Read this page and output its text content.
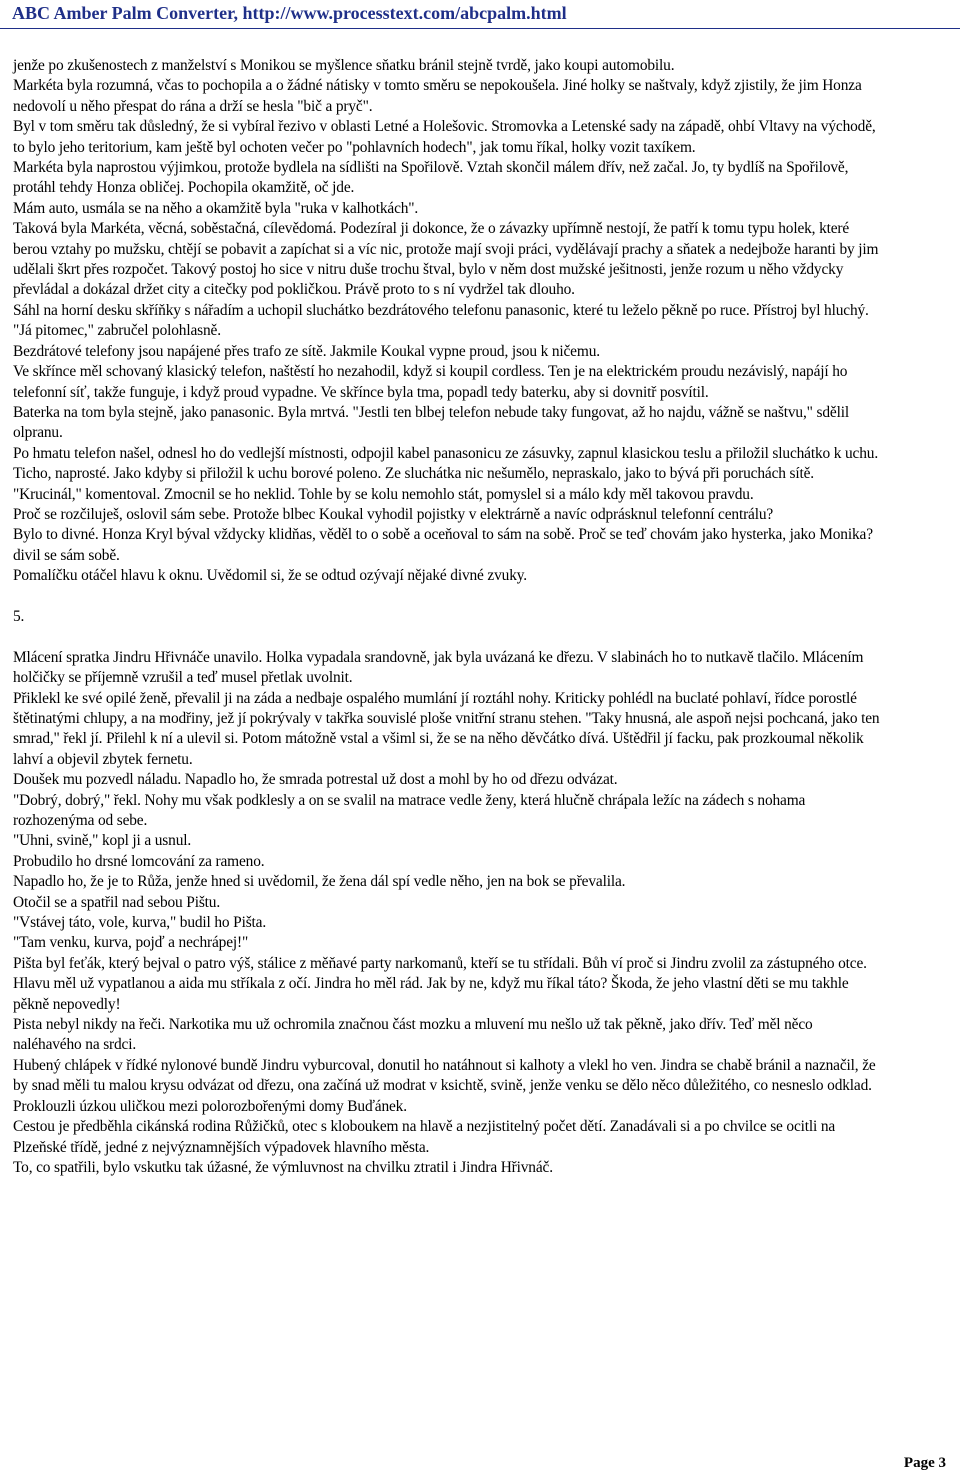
ABC Amber Palm Converter, http://www.processtext.com/abcpalm.html

jenže po zkušenostech z manželství s Monikou se myšlence sňatku bránil stejně tvrdě, jako koupi automobilu.

Markéta byla rozumná, včas to pochopila a o žádné nátisky v tomto směru se nepokoušela. Jiné holky se naštvaly, když zjistily, že jim Honza nedovolí u něho přespat do rána a drží se hesla "bič a pryč".

Byl v tom směru tak důsledný, že si vybíral řezivo v oblasti Letné a Holešovic. Stromovka a Letenské sady na západě, ohbí Vltavy na východě, to bylo jeho teritorium, kam ještě byl ochoten večer po "pohlavních hodech", jak tomu říkal, holky vozit taxíkem.

Markéta byla naprostou výjimkou, protože bydlela na sídlišti na Spořilově. Vztah skončil málem dřív, než začal. Jo, ty bydlíš na Spořilově, protáhl tehdy Honza obličej. Pochopila okamžitě, oč jde.

Mám auto, usmála se na něho a okamžitě byla "ruka v kalhotkách".

Taková byla Markéta, věcná, soběstačná, cílevědomá. Podezíral ji dokonce, že o závazky upřímně nestojí, že patří k tomu typu holek, které berou vztahy po mužsku, chtějí se pobavit a zapíchat si a víc nic, protože mají svoji práci, vydělávají prachy a sňatek a nedejbože haranti by jim udělali škrt přes rozpočet. Takový postoj ho sice v nitru duše trochu štval, bylo v něm dost mužské ješitnosti, jenže rozum u něho vždycky převládal a dokázal držet city a citečky pod pokličkou. Právě proto to s ní vydržel tak dlouho.

Sáhl na horní desku skříňky s nářadím a uchopil sluchátko bezdrátového telefonu panasonic, které tu leželo pěkně po ruce. Přístroj byl hluchý. "Já pitomec," zabručel polohlasně.

Bezdrátové telefony jsou napájené přes trafo ze sítě. Jakmile Koukal vypne proud, jsou k ničemu.

Ve skřínce měl schovaný klasický telefon, naštěstí ho nezahodil, když si koupil cordless. Ten je na elektrickém proudu nezávislý, napájí ho telefonní síť, takže funguje, i když proud vypadne. Ve skřínce byla tma, popadl tedy baterku, aby si dovnitř posvítil.

Baterka na tom byla stejně, jako panasonic. Byla mrtvá. "Jestli ten blbej telefon nebude taky fungovat, až ho najdu, vážně se naštvu," sdělil olpranu.

Po hmatu telefon našel, odnesl ho do vedlejší místnosti, odpojil kabel panasonicu ze zásuvky, zapnul klasickou teslu a přiložil sluchátko k uchu. Ticho, naprosté. Jako kdyby si přiložil k uchu borové poleno. Ze sluchátka nic nešumělo, nepraskalo, jako to bývá při poruchách sítě.

"Krucinál," komentoval. Zmocnil se ho neklid. Tohle by se kolu nemohlo stát, pomyslel si a málo kdy měl takovou pravdu.

Proč se rozčiluješ, oslovil sám sebe. Protože blbec Koukal vyhodil pojistky v elektrárně a navíc odprásknul telefonní centrálu?

Bylo to divné. Honza Kryl býval vždycky klidňas, věděl to o sobě a oceňoval to sám na sobě. Proč se teď chovám jako hysterka, jako Monika? divil se sám sobě.

Pomalíčku otáčel hlavu k oknu. Uvědomil si, že se odtud ozývají nějaké divné zvuky.

5.

Mlácení spratka Jindru Hřivnáče unavilo. Holka vypadala srandovně, jak byla uvázaná ke dřezu. V slabinách ho to nutkavě tlačilo. Mlácením holčičky se příjemně vzrušil a teď musel přetlak uvolnit.

Přiklekl ke své opilé ženě, převalil ji na záda a nedbaje ospalého mumlání jí roztáhl nohy. Kriticky pohlédl na buclaté pohlaví, řídce porostlé štětinatými chlupy, a na modřiny, jež jí pokrývaly v takřka souvislé ploše vnitřní stranu stehen. "Taky hnusná, ale aspoň nejsi pochcaná, jako ten smrad," řekl jí. Přilehl k ní a ulevil si. Potom mátožně vstal a všiml si, že se na něho děvčátko dívá. Uštědřil jí facku, pak prozkoumal několik lahví a objevil zbytek fernetu.

Doušek mu pozvedl náladu. Napadlo ho, že smrada potrestal už dost a mohl by ho od dřezu odvázat.

"Dobrý, dobrý," řekl. Nohy mu však podklesly a on se svalil na matrace vedle ženy, která hlučně chrápala ležíc na zádech s nohama rozhozenýma od sebe.

"Uhni, svině," kopl ji a usnul.

Probudilo ho drsné lomcování za rameno.

Napadlo ho, že je to Růža, jenže hned si uvědomil, že žena dál spí vedle něho, jen na bok se převalila.

Otočil se a spatřil nad sebou Pištu.

"Vstávej táto, vole, kurva," budil ho Pišta.

"Tam venku, kurva, pojď a nechrápej!"

Pišta byl feťák, který bejval o patro výš, stálice z měňavé party narkomanů, kteří se tu střídali. Bůh ví proč si Jindru zvolil za zástupného otce.

Hlavu měl už vypatlanou a aida mu stříkala z očí. Jindra ho měl rád. Jak by ne, když mu říkal táto? Škoda, že jeho vlastní děti se mu takhle pěkně nepovedly!

Pista nebyl nikdy na řeči. Narkotika mu už ochromila značnou část mozku a mluvení mu nešlo už tak pěkně, jako dřív. Teď měl něco naléhavého na srdci.

Hubený chlápek v řídké nylonové bundě Jindru vyburcoval, donutil ho natáhnout si kalhoty a vlekl ho ven. Jindra se chabě bránil a naznačil, že by snad měli tu malou krysu odvázat od dřezu, ona začíná už modrat v ksichtě, svině, jenže venku se dělo něco důležitého, co nesneslo odklad.

Proklouzli úzkou uličkou mezi polorozbořenými domy Buďánek.

Cestou je předběhla cikánská rodina Růžičků, otec s kloboukem na hlavě a nezjistitelný počet dětí. Zanadávali si a po chvilce se ocitli na Plzeňské třídě, jedné z nejvýznamnějších výpadovek hlavního města.

To, co spatřili, bylo vskutku tak úžasné, že výmluvnost na chvilku ztratil i Jindra Hřivnáč.

Page 3
